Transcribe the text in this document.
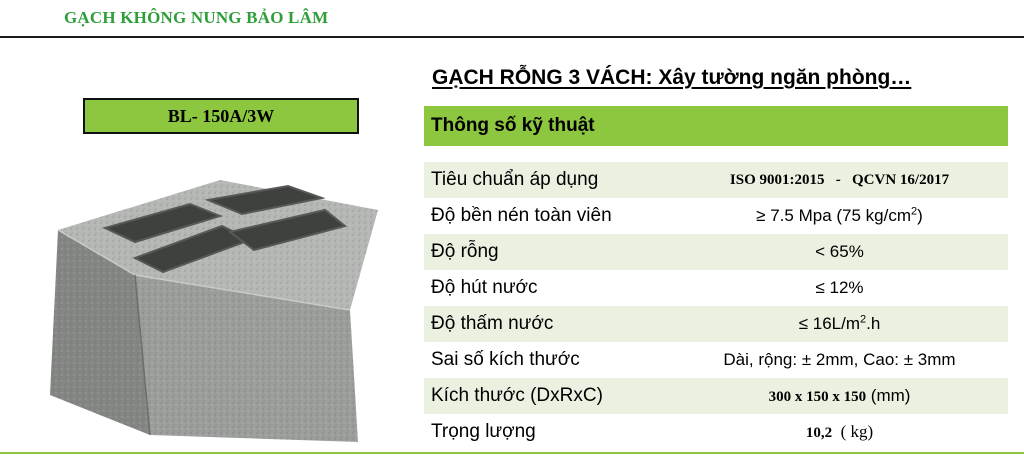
GẠCH KHÔNG NUNG BẢO LÂM
BL- 150A/3W
GẠCH RỖNG 3 VÁCH: Xây tường ngăn phòng…
Thông số kỹ thuật
Tiêu chuẩn áp dụng	ISO 9001:2015   -   QCVN 16/2017
Độ bền nén toàn viên	≥ 7.5 Mpa (75 $kg/cm^2$)
Độ rỗng	< 65%
Độ hút nước	≤ 12%
Độ thấm nước	≤ $16L/m^2.h$
Sai số kích thước	Dài, rộng: ± 2mm, Cao: ± 3mm
Kích thước (DxRxC)	300 x 150 x 150 (mm)
Trọng lượng	10,2  ( kg)
